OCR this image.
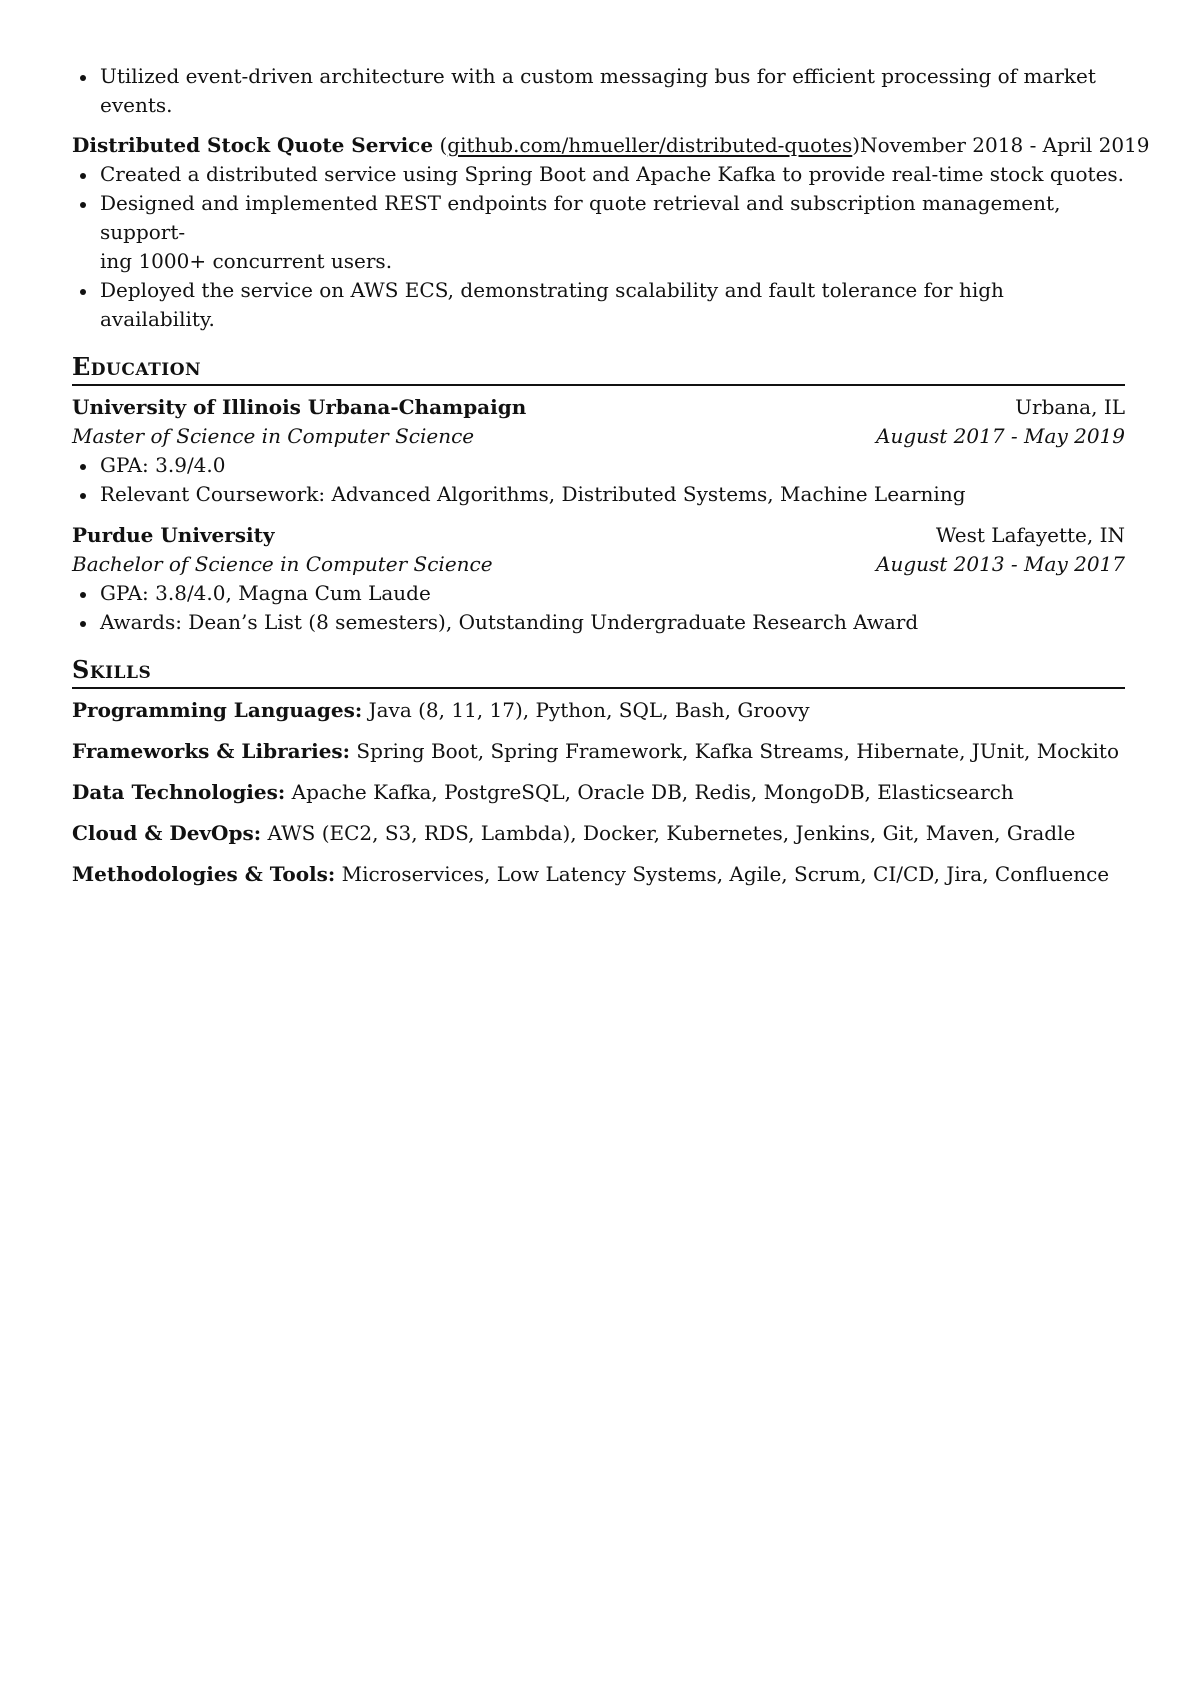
Utilized event-driven architecture with a custom messaging bus for efficient processing of market events.
Distributed Stock Quote Service (github.com/hmueller/distributed-quotes) November 2018 - April 2019
Created a distributed service using Spring Boot and Apache Kafka to provide real-time stock quotes.
Designed and implemented REST endpoints for quote retrieval and subscription management, support-
ing 1000+ concurrent users.
Deployed the service on AWS ECS, demonstrating scalability and fault tolerance for high availability.
Education
University of Illinois Urbana-Champaign	Urbana, IL
Master of Science in Computer Science	August 2017 - May 2019
GPA: 3.9/4.0
Relevant Coursework: Advanced Algorithms, Distributed Systems, Machine Learning
Purdue University	West Lafayette, IN
Bachelor of Science in Computer Science	August 2013 - May 2017
GPA: 3.8/4.0, Magna Cum Laude
Awards: Dean’s List (8 semesters), Outstanding Undergraduate Research Award
Skills
Programming Languages: Java (8, 11, 17), Python, SQL, Bash, Groovy
Frameworks & Libraries: Spring Boot, Spring Framework, Kafka Streams, Hibernate, JUnit, Mockito
Data Technologies: Apache Kafka, PostgreSQL, Oracle DB, Redis, MongoDB, Elasticsearch
Cloud & DevOps: AWS (EC2, S3, RDS, Lambda), Docker, Kubernetes, Jenkins, Git, Maven, Gradle
Methodologies & Tools: Microservices, Low Latency Systems, Agile, Scrum, CI/CD, Jira, Confluence
